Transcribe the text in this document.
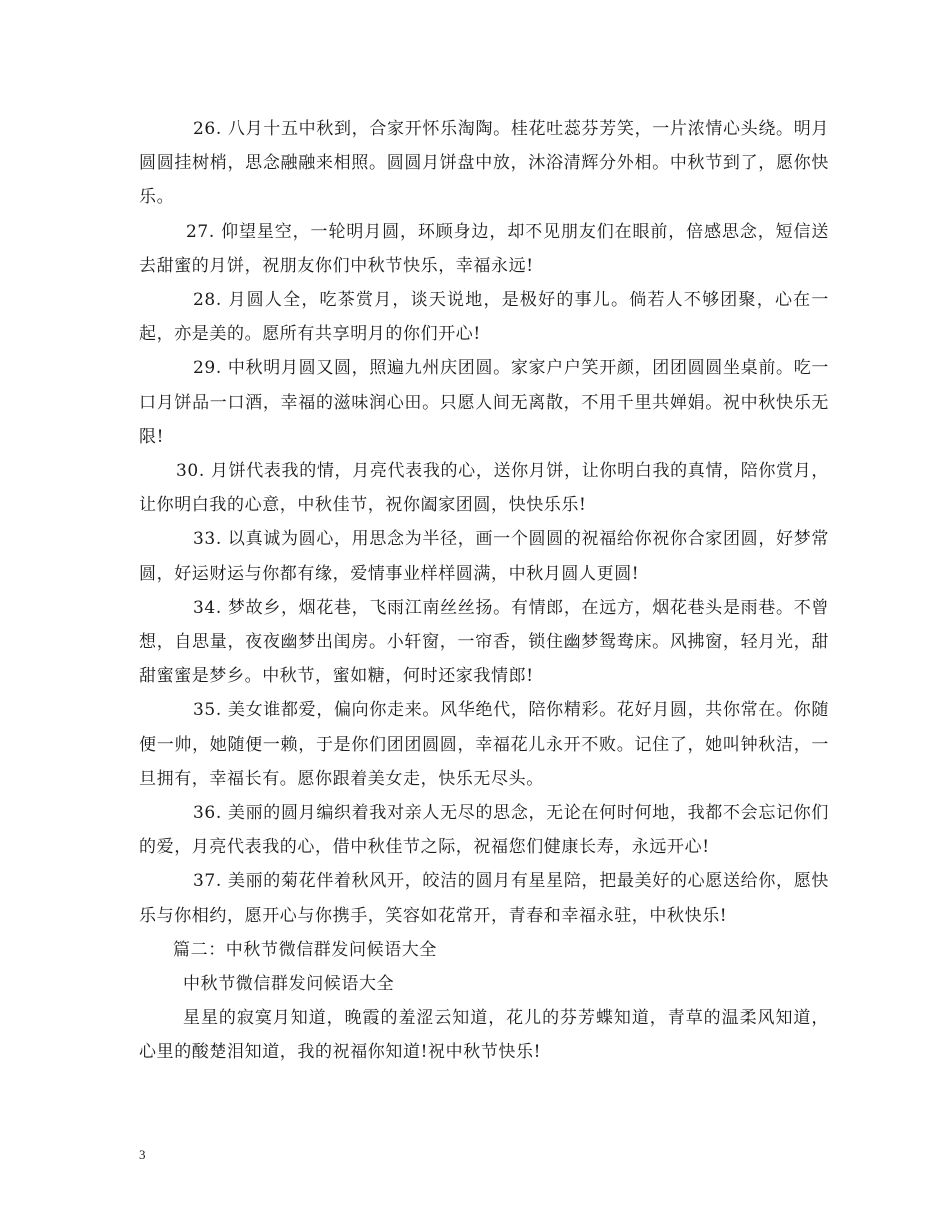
26. 八月十五中秋到，合家开怀乐淘陶。桂花吐蕊芬芳笑，一片浓情心头绕。明月圆圆挂树梢，思念融融来相照。圆圆月饼盘中放，沐浴清辉分外相。中秋节到了，愿你快乐。

27. 仰望星空，一轮明月圆，环顾身边，却不见朋友们在眼前，倍感思念，短信送去甜蜜的月饼，祝朋友你们中秋节快乐，幸福永远!

28. 月圆人全，吃茶赏月，谈天说地，是极好的事儿。倘若人不够团聚，心在一起，亦是美的。愿所有共享明月的你们开心!

29. 中秋明月圆又圆，照遍九州庆团圆。家家户户笑开颜，团团圆圆坐桌前。吃一口月饼品一口酒，幸福的滋味润心田。只愿人间无离散，不用千里共婵娟。祝中秋快乐无限!

30. 月饼代表我的情，月亮代表我的心，送你月饼，让你明白我的真情，陪你赏月，让你明白我的心意，中秋佳节，祝你阖家团圆，快快乐乐!

33. 以真诚为圆心，用思念为半径，画一个圆圆的祝福给你祝你合家团圆，好梦常圆，好运财运与你都有缘，爱情事业样样圆满，中秋月圆人更圆!

34. 梦故乡，烟花巷，飞雨江南丝丝扬。有情郎，在远方，烟花巷头是雨巷。不曾想，自思量，夜夜幽梦出闺房。小轩窗，一帘香，锁住幽梦鸳鸯床。风拂窗，轻月光，甜甜蜜蜜是梦乡。中秋节，蜜如糖，何时还家我情郎!

35. 美女谁都爱，偏向你走来。风华绝代，陪你精彩。花好月圆，共你常在。你随便一帅，她随便一赖，于是你们团团圆圆，幸福花儿永开不败。记住了，她叫钟秋洁，一旦拥有，幸福长有。愿你跟着美女走，快乐无尽头。

36. 美丽的圆月编织着我对亲人无尽的思念，无论在何时何地，我都不会忘记你们的爱，月亮代表我的心，借中秋佳节之际，祝福您们健康长寿，永远开心!

37. 美丽的菊花伴着秋风开，皎洁的圆月有星星陪，把最美好的心愿送给你，愿快乐与你相约，愿开心与你携手，笑容如花常开，青春和幸福永驻，中秋快乐!

篇二：中秋节微信群发问候语大全

中秋节微信群发问候语大全

星星的寂寞月知道，晚霞的羞涩云知道，花儿的芬芳蝶知道，青草的温柔风知道，心里的酸楚泪知道，我的祝福你知道!祝中秋节快乐!

3
